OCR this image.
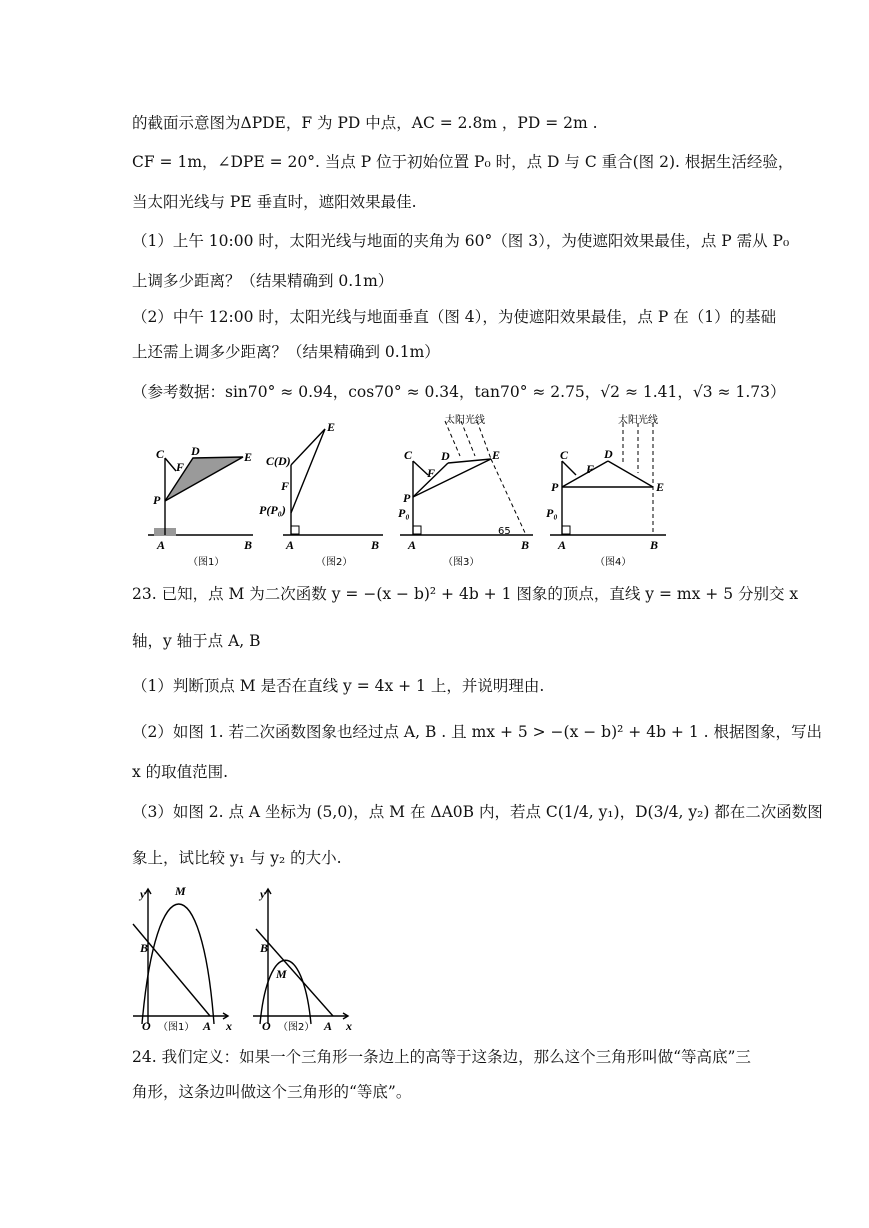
的截面示意图为ΔPDE，F 为 PD 中点，AC = 2.8m ，PD = 2m .
CF = 1m，∠DPE = 20°. 当点 P 位于初始位置 P₀ 时，点 D 与 C 重合(图 2). 根据生活经验，
当太阳光线与 PE 垂直时，遮阳效果最佳.
（1）上午 10:00 时，太阳光线与地面的夹角为 60°（图 3），为使遮阳效果最佳，点 P 需从 P₀
上调多少距离？（结果精确到 0.1m）
（2）中午 12:00 时，太阳光线与地面垂直（图 4），为使遮阳效果最佳，点 P 在（1）的基础
上还需上调多少距离？（结果精确到 0.1m）
（参考数据：sin70° ≈ 0.94，cos70° ≈ 0.34，tan70° ≈ 2.75，√2 ≈ 1.41，√3 ≈ 1.73）
C D	E
F
P
A	B
（图1）
E
C(D)
F
P(P₀)
A	B
（图2）
太阳光线
C D	E
F
P
P₀
A	B
65
（图3）
太阳光线
C	D
F
P	E
P₀
A	B
（图4）
23. 已知，点 M 为二次函数 y = −(x − b)² + 4b + 1 图象的顶点，直线 y = mx + 5 分别交 x
轴，y 轴于点 A, B
（1）判断顶点 M 是否在直线 y = 4x + 1 上，并说明理由.
（2）如图 1. 若二次函数图象也经过点 A, B . 且 mx + 5 > −(x − b)² + 4b + 1 . 根据图象，写出
x 的取值范围.
（3）如图 2. 点 A 坐标为 (5,0)，点 M 在 ΔA0B 内，若点 C(1/4, y₁)，D(3/4, y₂) 都在二次函数图
象上，试比较 y₁ 与 y₂ 的大小.
y M
B
O	A x
（图1）
y
B
M
O	A x
（图2）
24. 我们定义：如果一个三角形一条边上的高等于这条边，那么这个三角形叫做“等高底”三
角形，这条边叫做这个三角形的“等底”。
